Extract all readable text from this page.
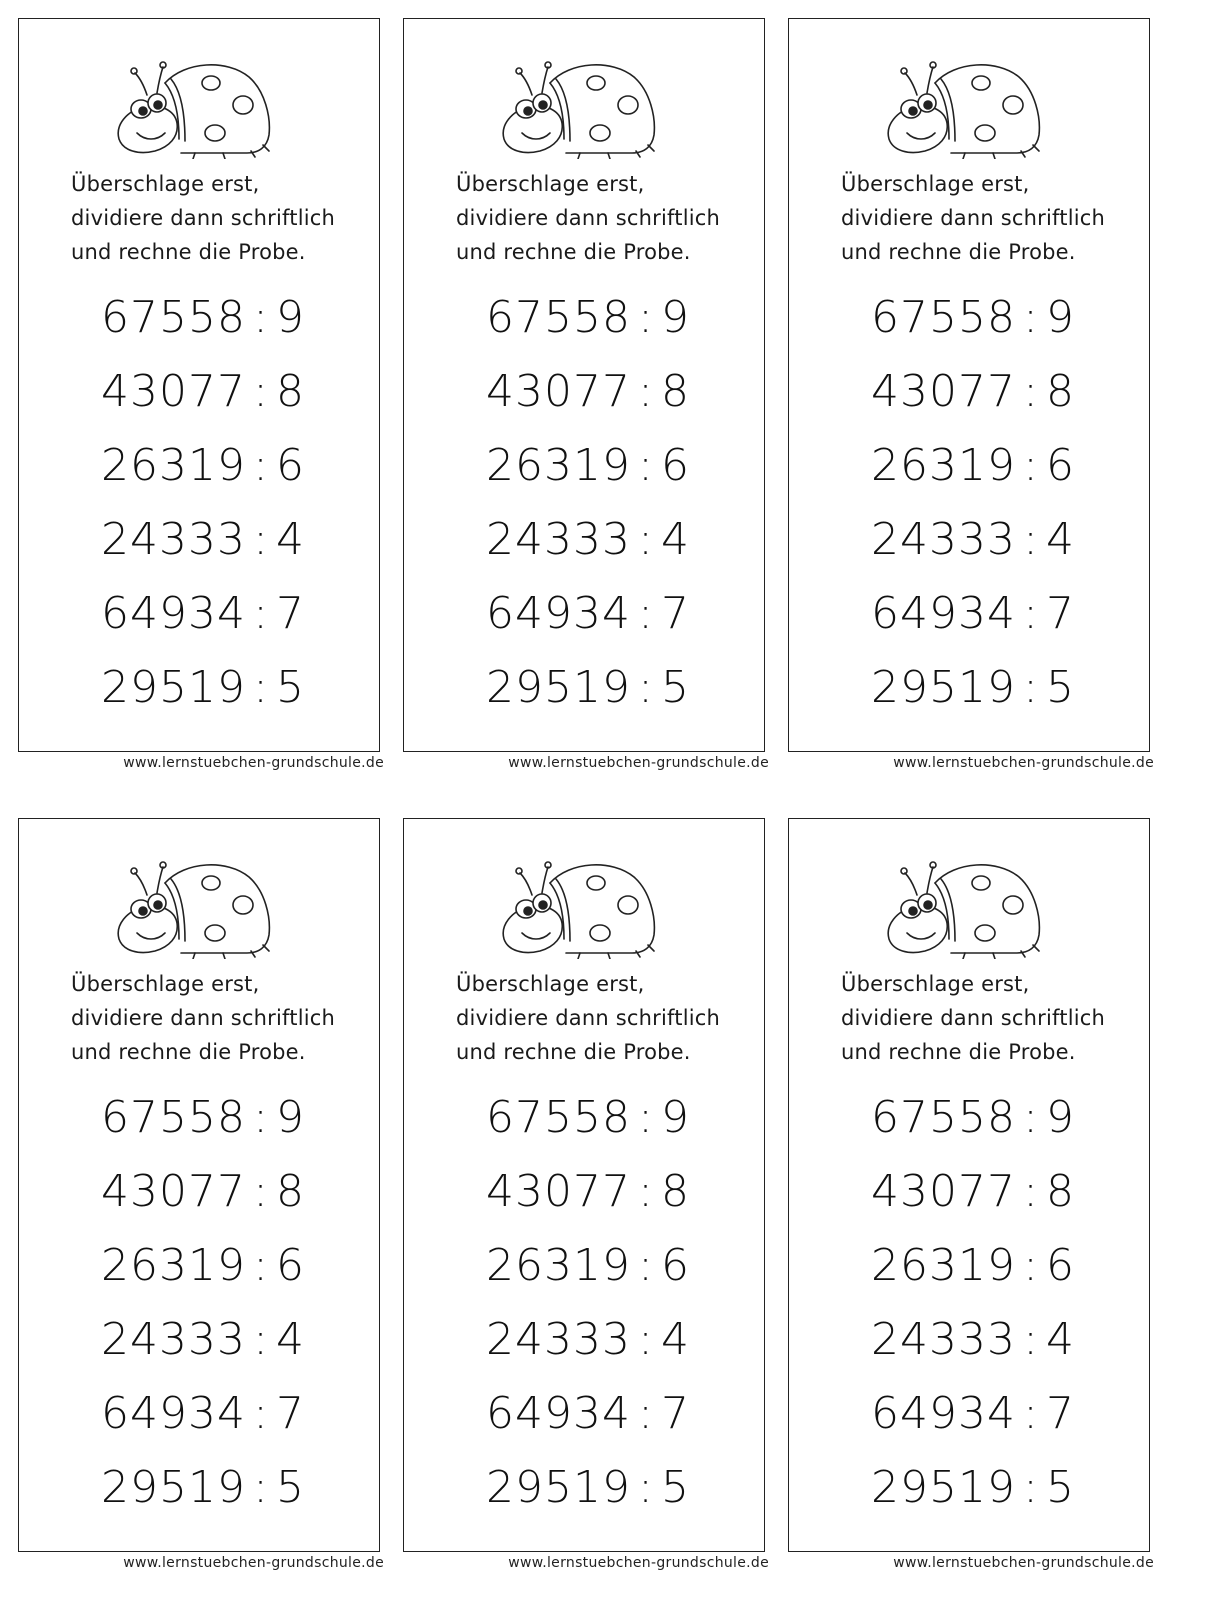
Überschlage erst,
dividiere dann schriftlich
und rechne die Probe.
67558 : 9
43077 : 8
26319 : 6
24333 : 4
64934 : 7
29519 : 5
www.lernstuebchen-grundschule.de
Überschlage erst,
dividiere dann schriftlich
und rechne die Probe.
67558 : 9
43077 : 8
26319 : 6
24333 : 4
64934 : 7
29519 : 5
www.lernstuebchen-grundschule.de
Überschlage erst,
dividiere dann schriftlich
und rechne die Probe.
67558 : 9
43077 : 8
26319 : 6
24333 : 4
64934 : 7
29519 : 5
www.lernstuebchen-grundschule.de
Überschlage erst,
dividiere dann schriftlich
und rechne die Probe.
67558 : 9
43077 : 8
26319 : 6
24333 : 4
64934 : 7
29519 : 5
www.lernstuebchen-grundschule.de
Überschlage erst,
dividiere dann schriftlich
und rechne die Probe.
67558 : 9
43077 : 8
26319 : 6
24333 : 4
64934 : 7
29519 : 5
www.lernstuebchen-grundschule.de
Überschlage erst,
dividiere dann schriftlich
und rechne die Probe.
67558 : 9
43077 : 8
26319 : 6
24333 : 4
64934 : 7
29519 : 5
www.lernstuebchen-grundschule.de
